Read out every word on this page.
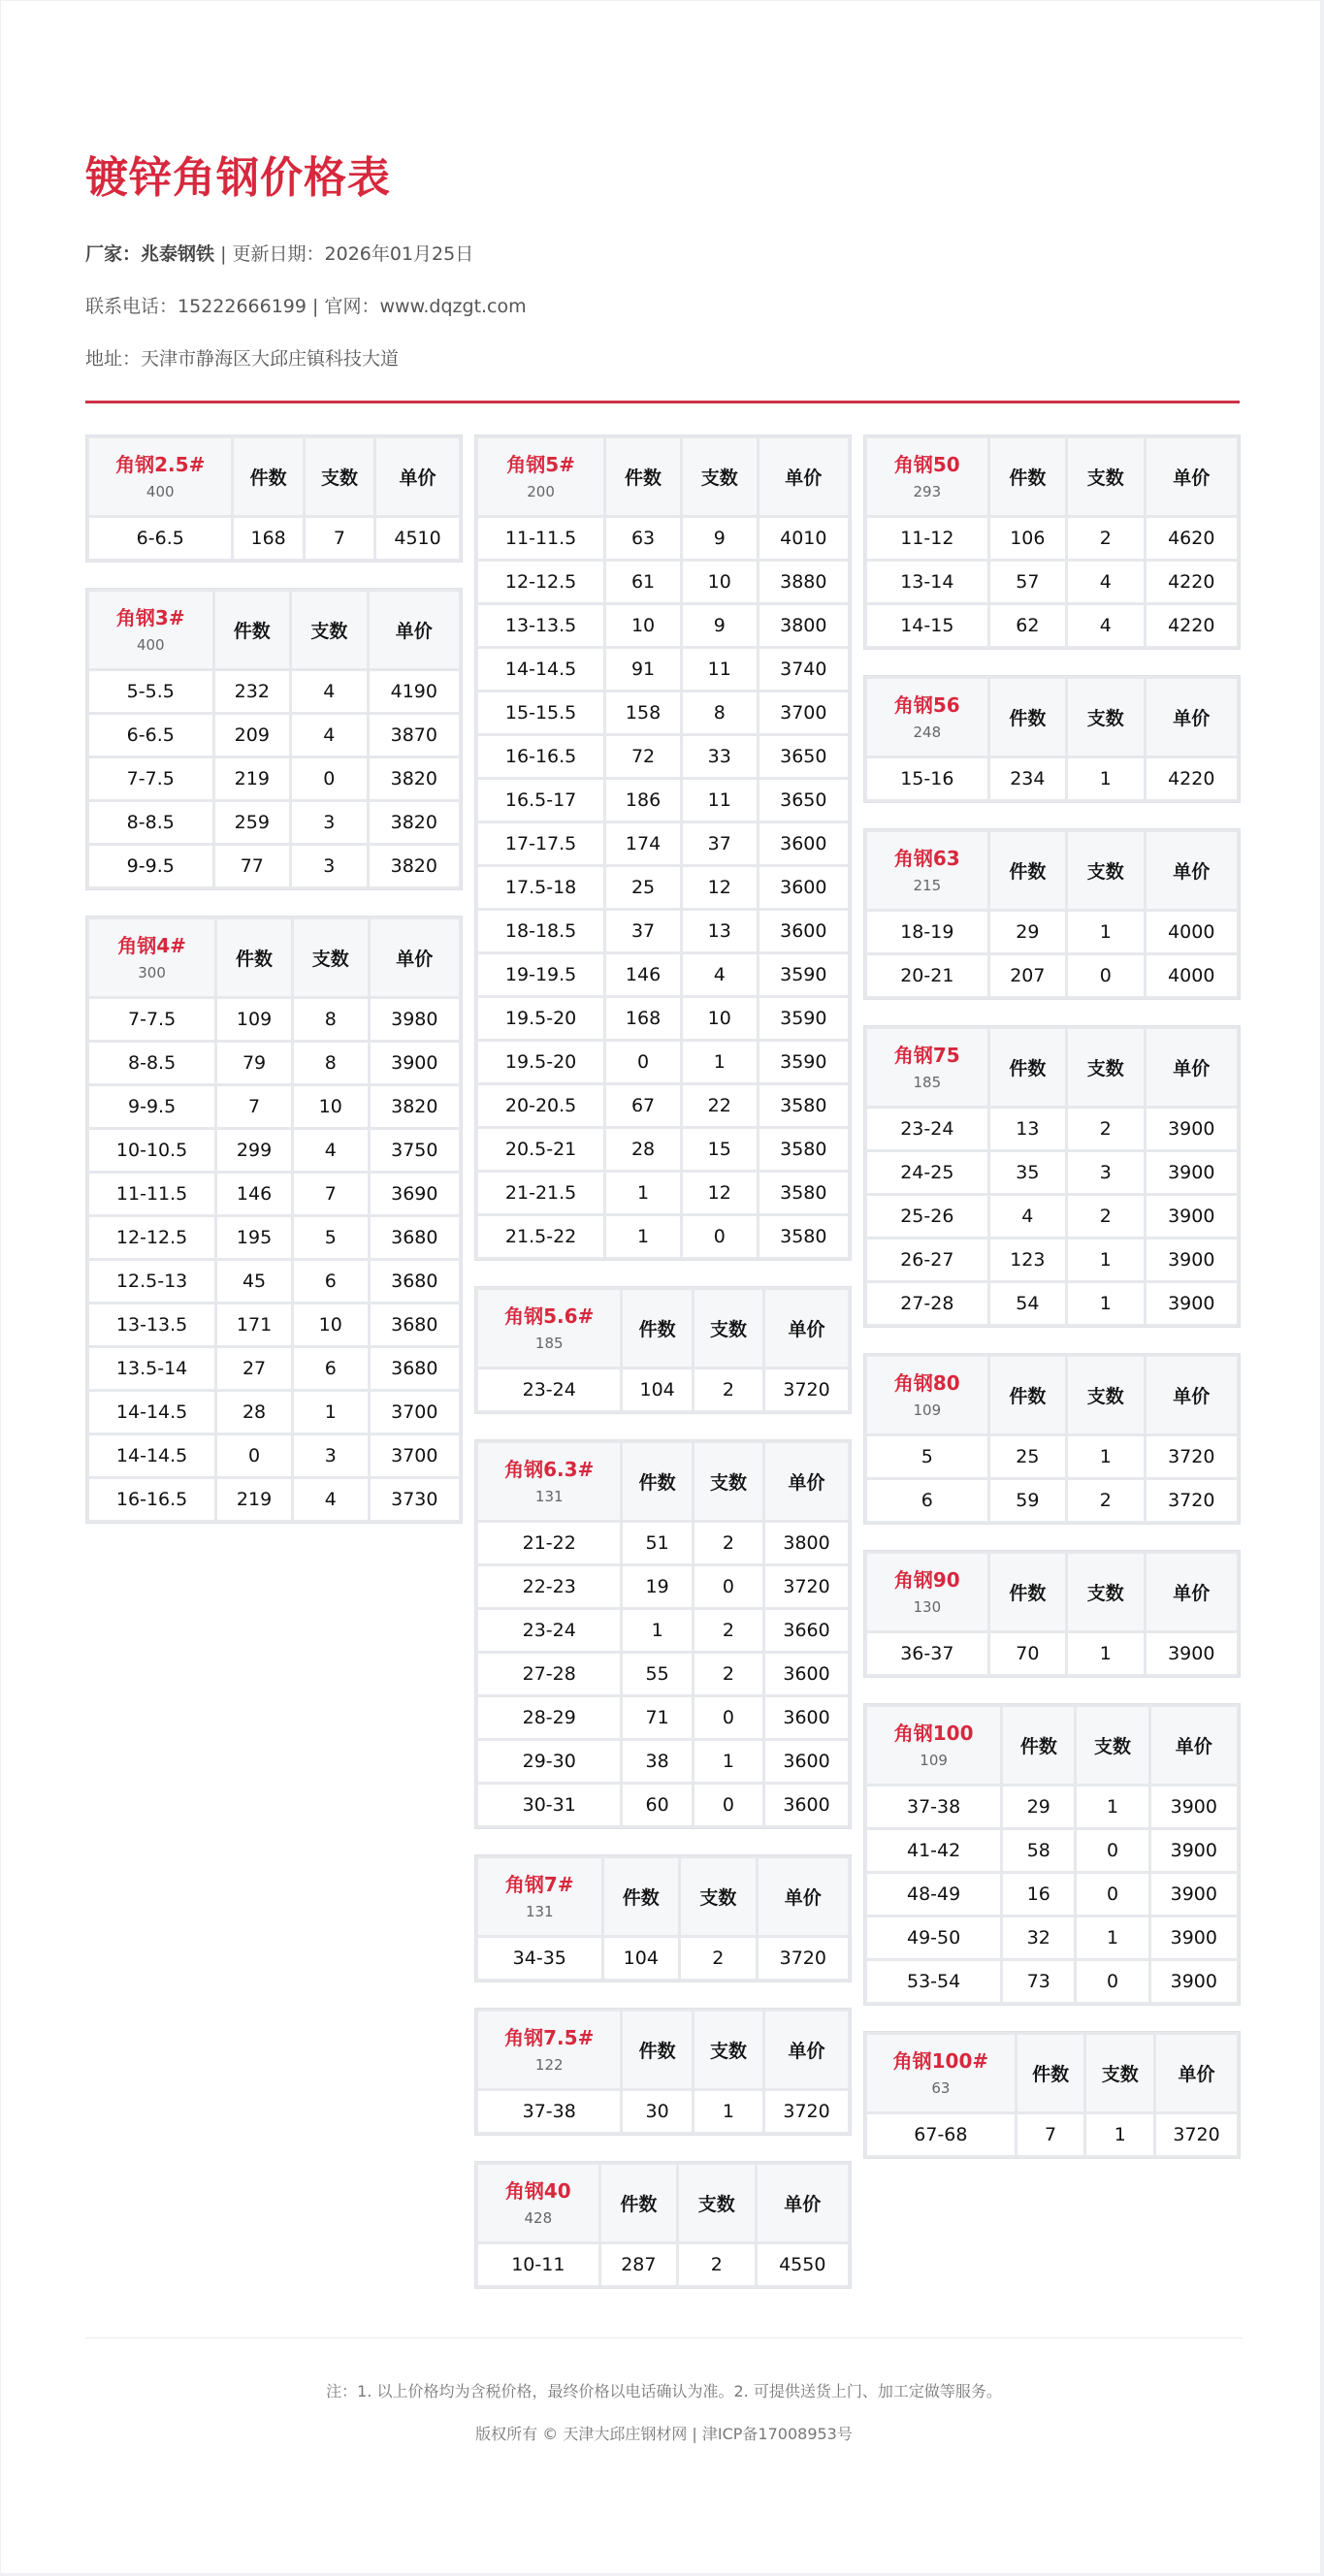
镀锌角钢价格表
厂家：兆泰钢铁 | 更新日期：2026年01月25日
联系电话：15222666199 | 官网：www.dqzgt.com
地址：天津市静海区大邱庄镇科技大道
角钢2.5#
400	件数	支数	单价
6-6.5	168	7	4510
角钢3#
400	件数	支数	单价
5-5.5	232	4	4190
6-6.5	209	4	3870
7-7.5	219	0	3820
8-8.5	259	3	3820
9-9.5	77	3	3820
角钢4#
300	件数	支数	单价
7-7.5	109	8	3980
8-8.5	79	8	3900
9-9.5	7	10	3820
10-10.5	299	4	3750
11-11.5	146	7	3690
12-12.5	195	5	3680
12.5-13	45	6	3680
13-13.5	171	10	3680
13.5-14	27	6	3680
14-14.5	28	1	3700
14-14.5	0	3	3700
16-16.5	219	4	3730
角钢5#
200	件数	支数	单价
11-11.5	63	9	4010
12-12.5	61	10	3880
13-13.5	10	9	3800
14-14.5	91	11	3740
15-15.5	158	8	3700
16-16.5	72	33	3650
16.5-17	186	11	3650
17-17.5	174	37	3600
17.5-18	25	12	3600
18-18.5	37	13	3600
19-19.5	146	4	3590
19.5-20	168	10	3590
19.5-20	0	1	3590
20-20.5	67	22	3580
20.5-21	28	15	3580
21-21.5	1	12	3580
21.5-22	1	0	3580
角钢5.6#
185	件数	支数	单价
23-24	104	2	3720
角钢6.3#
131	件数	支数	单价
21-22	51	2	3800
22-23	19	0	3720
23-24	1	2	3660
27-28	55	2	3600
28-29	71	0	3600
29-30	38	1	3600
30-31	60	0	3600
角钢7#
131	件数	支数	单价
34-35	104	2	3720
角钢7.5#
122	件数	支数	单价
37-38	30	1	3720
角钢40
428	件数	支数	单价
10-11	287	2	4550
角钢50
293	件数	支数	单价
11-12	106	2	4620
13-14	57	4	4220
14-15	62	4	4220
角钢56
248	件数	支数	单价
15-16	234	1	4220
角钢63
215	件数	支数	单价
18-19	29	1	4000
20-21	207	0	4000
角钢75
185	件数	支数	单价
23-24	13	2	3900
24-25	35	3	3900
25-26	4	2	3900
26-27	123	1	3900
27-28	54	1	3900
角钢80
109	件数	支数	单价
5	25	1	3720
6	59	2	3720
角钢90
130	件数	支数	单价
36-37	70	1	3900
角钢100
109	件数	支数	单价
37-38	29	1	3900
41-42	58	0	3900
48-49	16	0	3900
49-50	32	1	3900
53-54	73	0	3900
角钢100#
63	件数	支数	单价
67-68	7	1	3720
注：1. 以上价格均为含税价格，最终价格以电话确认为准。2. 可提供送货上门、加工定做等服务。
版权所有 © 天津大邱庄钢材网 | 津ICP备17008953号
